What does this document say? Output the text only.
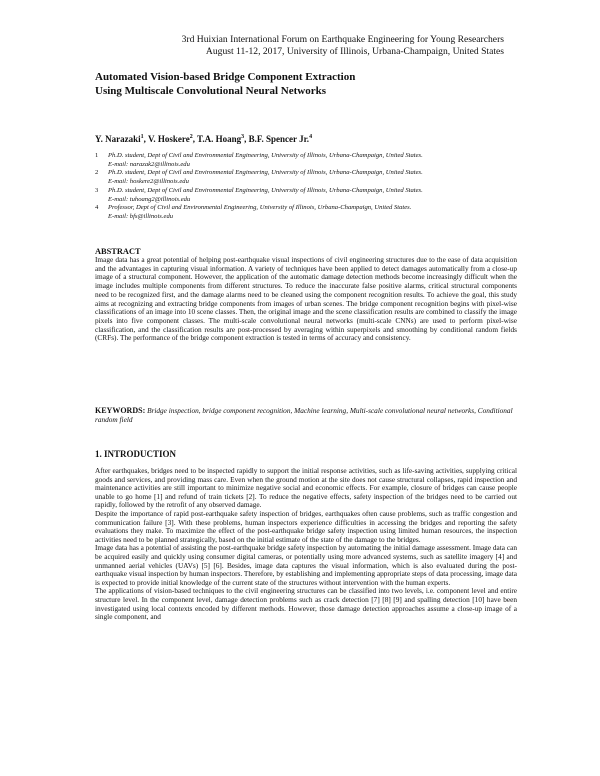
3rd Huixian International Forum on Earthquake Engineering for Young Researchers
August 11-12, 2017, University of Illinois, Urbana-Champaign, United States
Automated Vision-based Bridge Component Extraction
Using Multiscale Convolutional Neural Networks
Y. Narazaki$^1$, V. Hoskere$^2$, T.A. Hoang$^3$, B.F. Spencer Jr.$^4$
1 Ph.D. student, Dept of Civil and Environmental Engineering, University of Illinois, Urbana-Champaign, United States.
E-mail: narazak2@illinois.edu
2 Ph.D. student, Dept of Civil and Environmental Engineering, University of Illinois, Urbana-Champaign, United States.
E-mail: hoskere2@illinois.edu
3 Ph.D. student, Dept of Civil and Environmental Engineering, University of Illinois, Urbana-Champaign, United States.
E-mail: tuhoang2@illinois.edu
4 Professor, Dept of Civil and Environmental Engineering, University of Illinois, Urbana-Champaign, United States.
E-mail: bfs@illinois.edu
ABSTRACT
Image data has a great potential of helping post-earthquake visual inspections of civil engineering structures due to the ease of data acquisition and the advantages in capturing visual information. A variety of techniques have been applied to detect damages automatically from a close-up image of a structural component. However, the application of the automatic damage detection methods become increasingly difficult when the image includes multiple components from different structures. To reduce the inaccurate false positive alarms, critical structural components need to be recognized first, and the damage alarms need to be cleaned using the component recognition results. To achieve the goal, this study aims at recognizing and extracting bridge components from images of urban scenes. The bridge component recognition begins with pixel-wise classifications of an image into 10 scene classes. Then, the original image and the scene classification results are combined to classify the image pixels into five component classes. The multi-scale convolutional neural networks (multi-scale CNNs) are used to perform pixel-wise classification, and the classification results are post-processed by averaging within superpixels and smoothing by conditional random fields (CRFs). The performance of the bridge component extraction is tested in terms of accuracy and consistency.
KEYWORDS: Bridge inspection, bridge component recognition, Machine learning, Multi-scale convolutional neural networks, Conditional random field
1. INTRODUCTION

After earthquakes, bridges need to be inspected rapidly to support the initial response activities, such as life-saving activities, supplying critical goods and services, and providing mass care. Even when the ground motion at the site does not cause structural collapses, rapid inspection and maintenance activities are still important to minimize negative social and economic effects. For example, closure of bridges can cause people unable to go home [1] and refund of train tickets [2]. To reduce the negative effects, safety inspection of the bridges need to be carried out rapidly, followed by the retrofit of any observed damage.

Despite the importance of rapid post-earthquake safety inspection of bridges, earthquakes often cause problems, such as traffic congestion and communication failure [3]. With these problems, human inspectors experience difficulties in accessing the bridges and reporting the safety evaluations they make. To maximize the effect of the post-earthquake bridge safety inspection using limited human resources, the inspection activities need to be planned strategically, based on the initial estimate of the state of the damage to the bridges.

Image data has a potential of assisting the post-earthquake bridge safety inspection by automating the initial damage assessment. Image data can be acquired easily and quickly using consumer digital cameras, or potentially using more advanced systems, such as satellite imagery [4] and unmanned aerial vehicles (UAVs) [5] [6]. Besides, image data captures the visual information, which is also evaluated during the post-earthquake visual inspection by human inspectors. Therefore, by establishing and implementing appropriate steps of data processing, image data is expected to provide initial knowledge of the current state of the structures without intervention with the human experts.

The applications of vision-based techniques to the civil engineering structures can be classified into two levels, i.e. component level and entire structure level. In the component level, damage detection problems such as crack detection [7] [8] [9] and spalling detection [10] have been investigated using local contexts encoded by different methods. However, those damage detection approaches assume a close-up image of a single component, and
